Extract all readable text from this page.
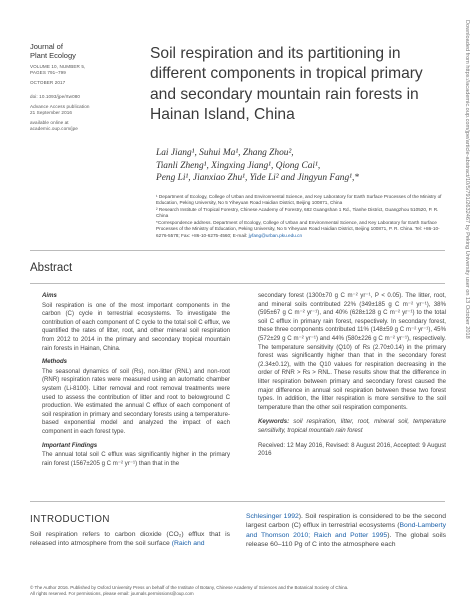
Journal of
Plant Ecology
VOLUME 10, NUMBER 5,
PAGES 791–799
OCTOBER 2017
doi: 10.1093/jpe/rtw080
Advance Access publication
21 September 2016
available online at
academic.oup.com/jpe
Soil respiration and its partitioning in different components in tropical primary and secondary mountain rain forests in Hainan Island, China
Lai Jiang¹, Suhui Ma¹, Zhang Zhou²,
Tianli Zheng¹, Xingxing Jiang¹, Qiong Cai¹,
Peng Li¹, Jianxiao Zhu¹, Yide Li² and Jingyun Fang¹,*
¹ Department of Ecology, College of Urban and Environmental Science, and Key Laboratory for Earth Surface Processes of the Ministry of Education, Peking University, No 5 Yiheyuan Road Haidian District, Beijing 100871, China
² Research Institute of Tropical Forestry, Chinese Academy of Forestry, 682 Guangshan 1 Rd., Tianhe District, Guangzhou 510520, P. R. China
*Correspondence address. Department of Ecology, College of Urban and Environmental Science, and Key Laboratory for Earth Surface Processes of the Ministry of Education, Peking University, No 5 Yiheyuan Road Haidian District, Beijing 100871, P. R. China. Tel: +86-10-6276-5578; Fax: +86-10-6275-4560; E-mail: jyfang@urban.pku.edu.cn
Abstract
Aims
Soil respiration is one of the most important components in the carbon (C) cycle in terrestrial ecosystems. To investigate the contribution of each component of C cycle to the total soil C efflux, we quantified the rates of litter, root, and other mineral soil respiration from 2012 to 2014 in the primary and secondary tropical mountain rain forests in Hainan, China.
Methods
The seasonal dynamics of soil (Rs), non-litter (RNL) and non-root (RNR) respiration rates were measured using an automatic chamber system (Li-8100). Litter removal and root removal treatments were used to assess the contribution of litter and root to belowground C production. We estimated the annual C efflux of each component of soil respiration in primary and secondary forests using a temperature-based exponential model and analyzed the impact of each component in each forest type.
Important Findings
The annual total soil C efflux was significantly higher in the primary rain forest (1567±205 g C m⁻² yr⁻¹) than that in the
secondary forest (1300±70 g C m⁻² yr⁻¹, P < 0.05). The litter, root, and mineral soils contributed 22% (349±185 g C m⁻² yr⁻¹), 38% (595±67 g C m⁻² yr⁻¹), and 40% (628±128 g C m⁻² yr⁻¹) to the total soil C efflux in primary rain forest, respectively. In secondary forest, these three components contributed 11% (148±59 g C m⁻² yr⁻¹), 45% (572±29 g C m⁻² yr⁻¹) and 44% (580±226 g C m⁻² yr⁻¹), respectively. The temperature sensitivity (Q10) of Rs (2.70±0.14) in the primary forest was significantly higher than that in the secondary forest (2.34±0.12), with the Q10 values for respiration decreasing in the order of RNR > Rs > RNL. These results show that the difference in litter respiration between primary and secondary forest caused the major difference in annual soil respiration between these two forest types. In addition, the litter respiration is more sensitive to the soil temperature than the other soil respiration components.
Keywords: soil respiration, litter, root, mineral soil, temperature sensitivity, tropical mountain rain forest
Received: 12 May 2016, Revised: 8 August 2016, Accepted: 9 August 2016
INTRODUCTION
Soil respiration refers to carbon dioxide (CO₂) efflux that is released into atmosphere from the soil surface (Raich and
Schlesinger 1992). Soil respiration is considered to be the second largest carbon (C) efflux in terrestrial ecosystems (Bond-Lamberty and Thomson 2010; Raich and Potter 1995). The global soils release 60–110 Pg of C into the atmosphere each
© The Author 2016. Published by Oxford University Press on behalf of the Institute of Botany, Chinese Academy of Sciences and the Botanical Society of China.
All rights reserved. For permissions, please email: journals.permissions@oup.com
Downloaded from https://academic.oup.com/jpe/article-abstract/10/5/791/2632467 by Peking University user on 13 October 2018
